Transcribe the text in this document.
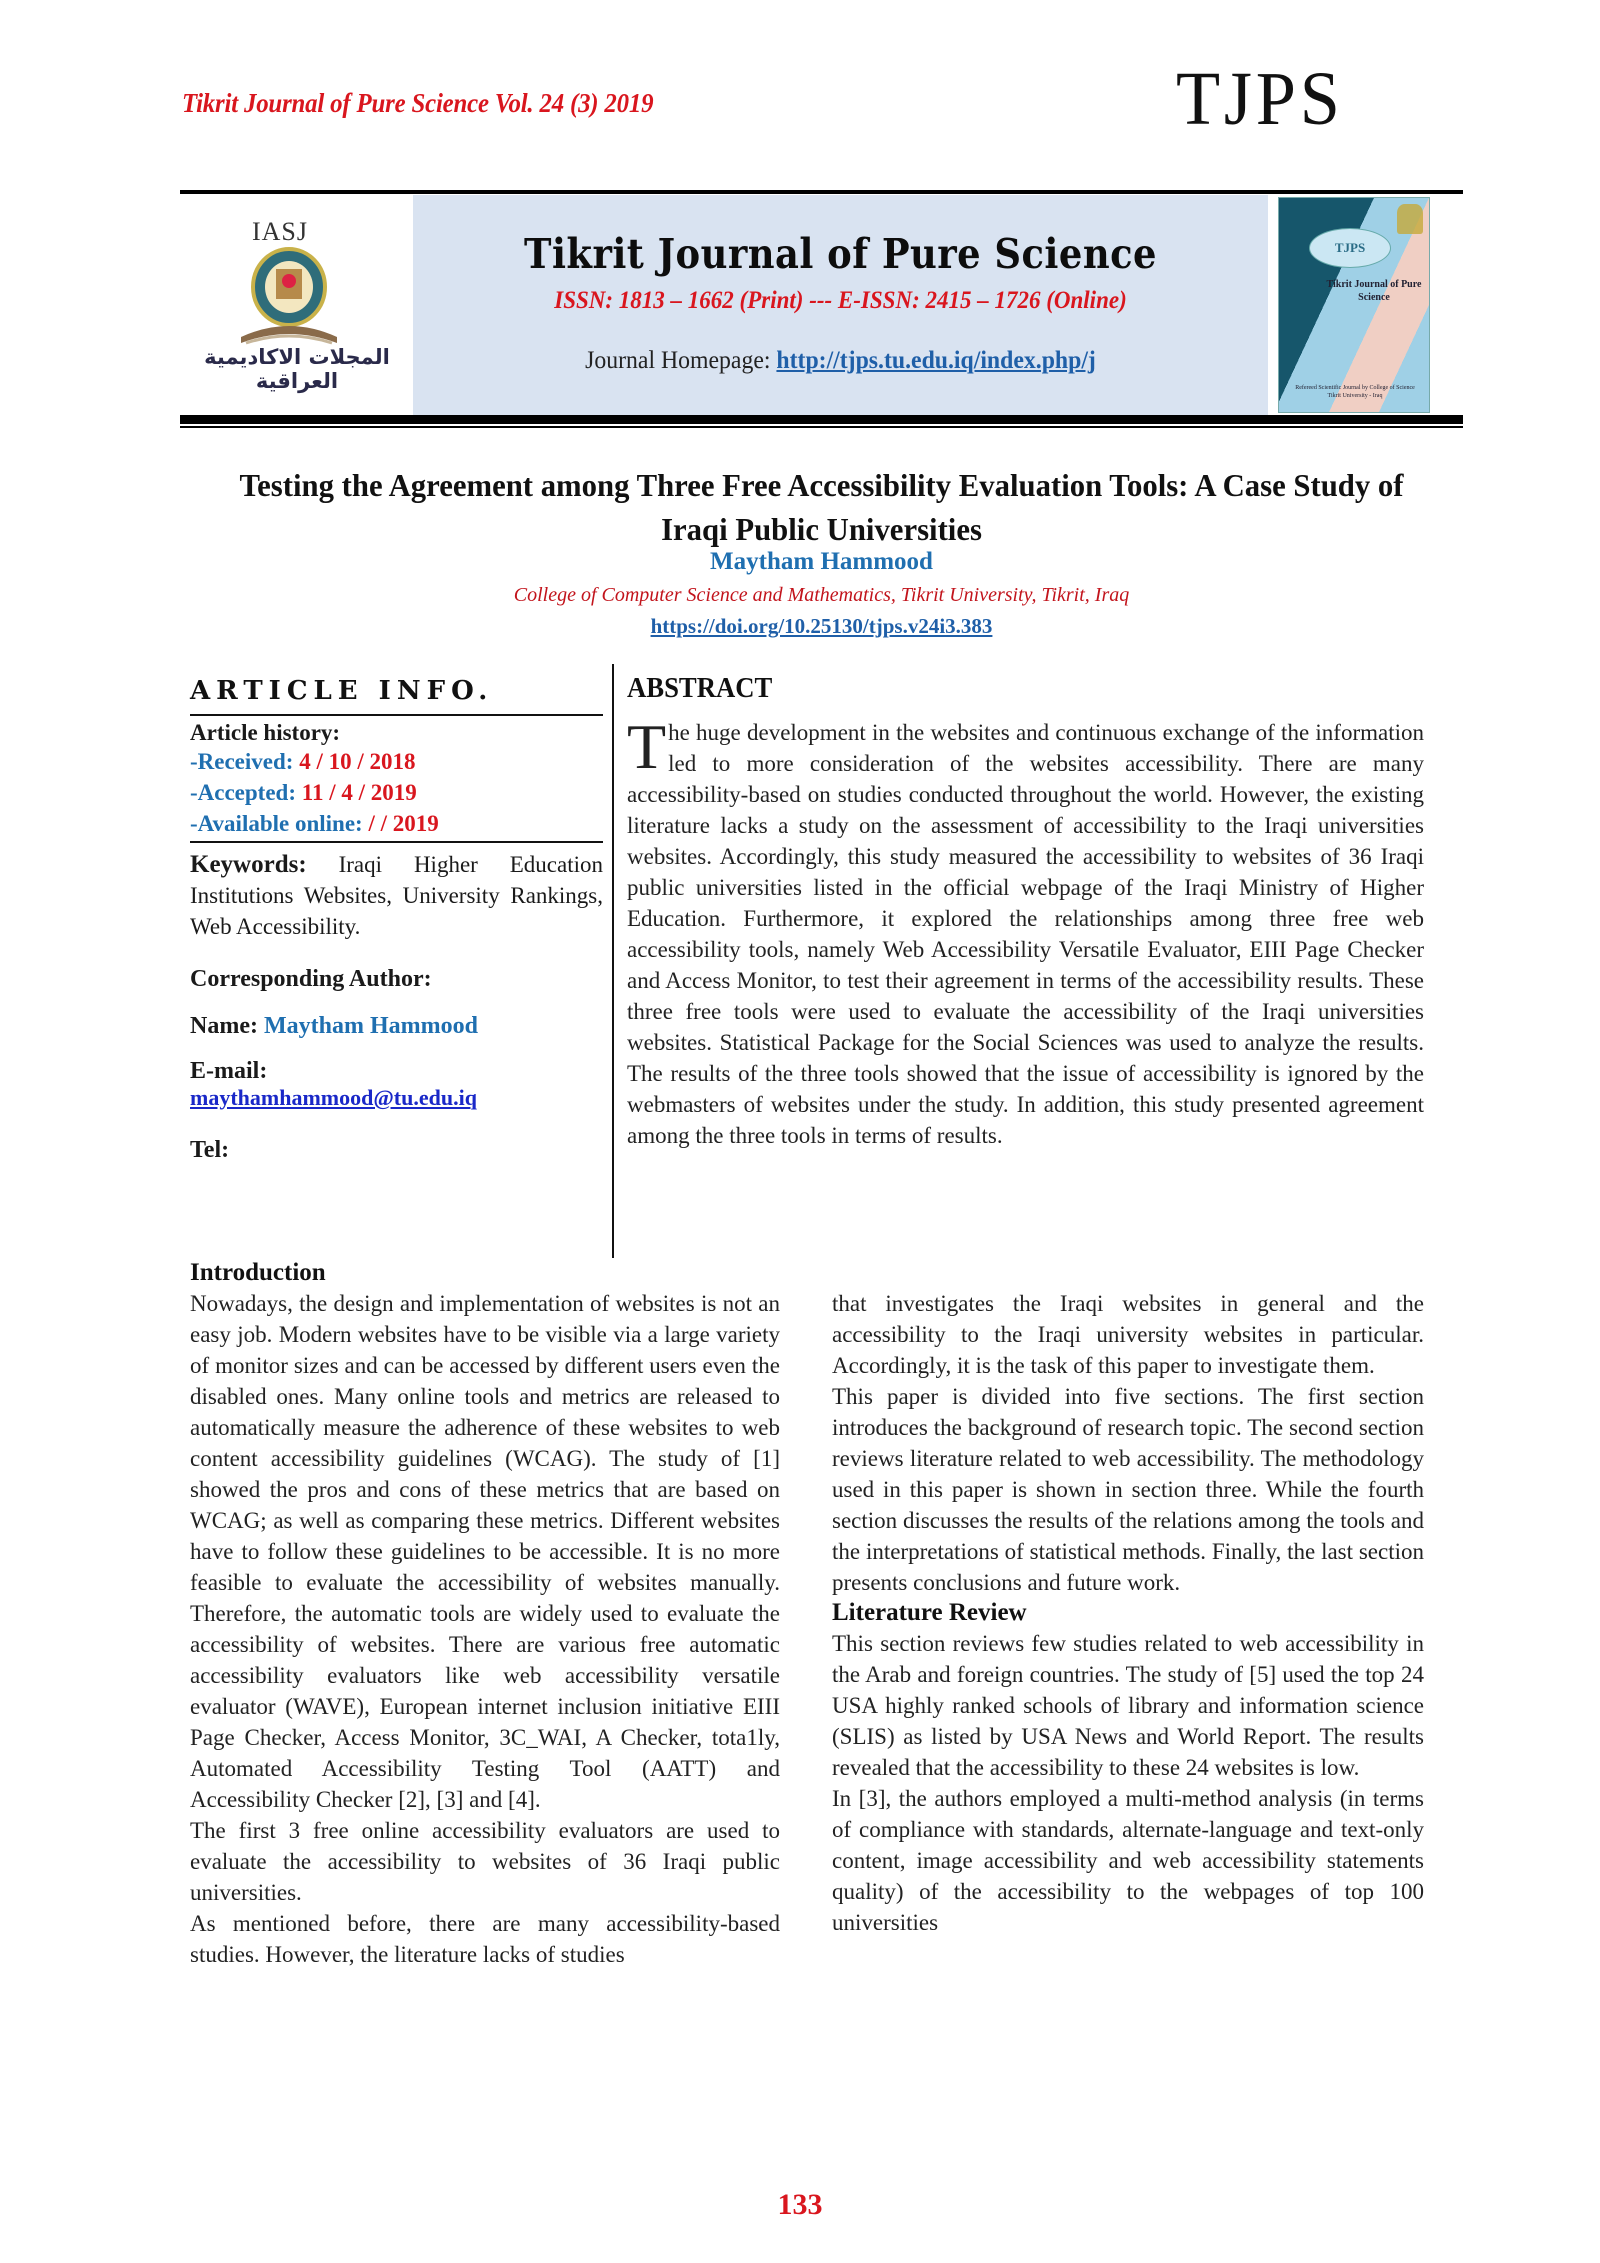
Tikrit Journal of Pure Science Vol. 24 (3) 2019	TJPS
IASJ
المجلات الاكاديمية العراقية
Tikrit Journal of Pure Science
ISSN: 1813 – 1662 (Print) --- E-ISSN: 2415 – 1726 (Online)
Journal Homepage: http://tjps.tu.edu.iq/index.php/j
TJPS
Tikrit Journal of Pure Science
Refereed Scientific Journal by College of Science Tikrit University - Iraq
Testing the Agreement among Three Free Accessibility Evaluation Tools: A Case Study of Iraqi Public Universities
Maytham Hammood
College of Computer Science and Mathematics, Tikrit University, Tikrit, Iraq
https://doi.org/10.25130/tjps.v24i3.383
ARTICLE INFO.
Article history:
-Received: 4 / 10 / 2018
-Accepted: 11 / 4 / 2019
-Available online: / / 2019
Keywords: Iraqi Higher Education Institutions Websites, University Rankings, Web Accessibility.
Corresponding Author:
Name: Maytham Hammood
E-mail:
maythamhammood@tu.edu.iq
Tel:
ABSTRACT
The huge development in the websites and continuous exchange of the information led to more consideration of the websites accessibility. There are many accessibility-based on studies conducted throughout the world. However, the existing literature lacks a study on the assessment of accessibility to the Iraqi universities websites. Accordingly, this study measured the accessibility to websites of 36 Iraqi public universities listed in the official webpage of the Iraqi Ministry of Higher Education. Furthermore, it explored the relationships among three free web accessibility tools, namely Web Accessibility Versatile Evaluator, EIII Page Checker and Access Monitor, to test their agreement in terms of the accessibility results. These three free tools were used to evaluate the accessibility of the Iraqi universities websites. Statistical Package for the Social Sciences was used to analyze the results. The results of the three tools showed that the issue of accessibility is ignored by the webmasters of websites under the study. In addition, this study presented agreement among the three tools in terms of results.
Introduction

Nowadays, the design and implementation of websites is not an easy job. Modern websites have to be visible via a large variety of monitor sizes and can be accessed by different users even the disabled ones. Many online tools and metrics are released to automatically measure the adherence of these websites to web content accessibility guidelines (WCAG). The study of [1] showed the pros and cons of these metrics that are based on WCAG; as well as comparing these metrics. Different websites have to follow these guidelines to be accessible. It is no more feasible to evaluate the accessibility of websites manually. Therefore, the automatic tools are widely used to evaluate the accessibility of websites. There are various free automatic accessibility evaluators like web accessibility versatile evaluator (WAVE), European internet inclusion initiative EIII Page Checker, Access Monitor, 3C_WAI, A Checker, tota1ly, Automated Accessibility Testing Tool (AATT) and Accessibility Checker [2], [3] and [4].

The first 3 free online accessibility evaluators are used to evaluate the accessibility to websites of 36 Iraqi public universities.

As mentioned before, there are many accessibility-based studies. However, the literature lacks of studies

that investigates the Iraqi websites in general and the accessibility to the Iraqi university websites in particular. Accordingly, it is the task of this paper to investigate them.

This paper is divided into five sections. The first section introduces the background of research topic. The second section reviews literature related to web accessibility. The methodology used in this paper is shown in section three. While the fourth section discusses the results of the relations among the tools and the interpretations of statistical methods. Finally, the last section presents conclusions and future work.

Literature Review

This section reviews few studies related to web accessibility in the Arab and foreign countries. The study of [5] used the top 24 USA highly ranked schools of library and information science (SLIS) as listed by USA News and World Report. The results revealed that the accessibility to these 24 websites is low.

In [3], the authors employed a multi-method analysis (in terms of compliance with standards, alternate-language and text-only content, image accessibility and web accessibility statements quality) of the accessibility to the webpages of top 100 universities

133
